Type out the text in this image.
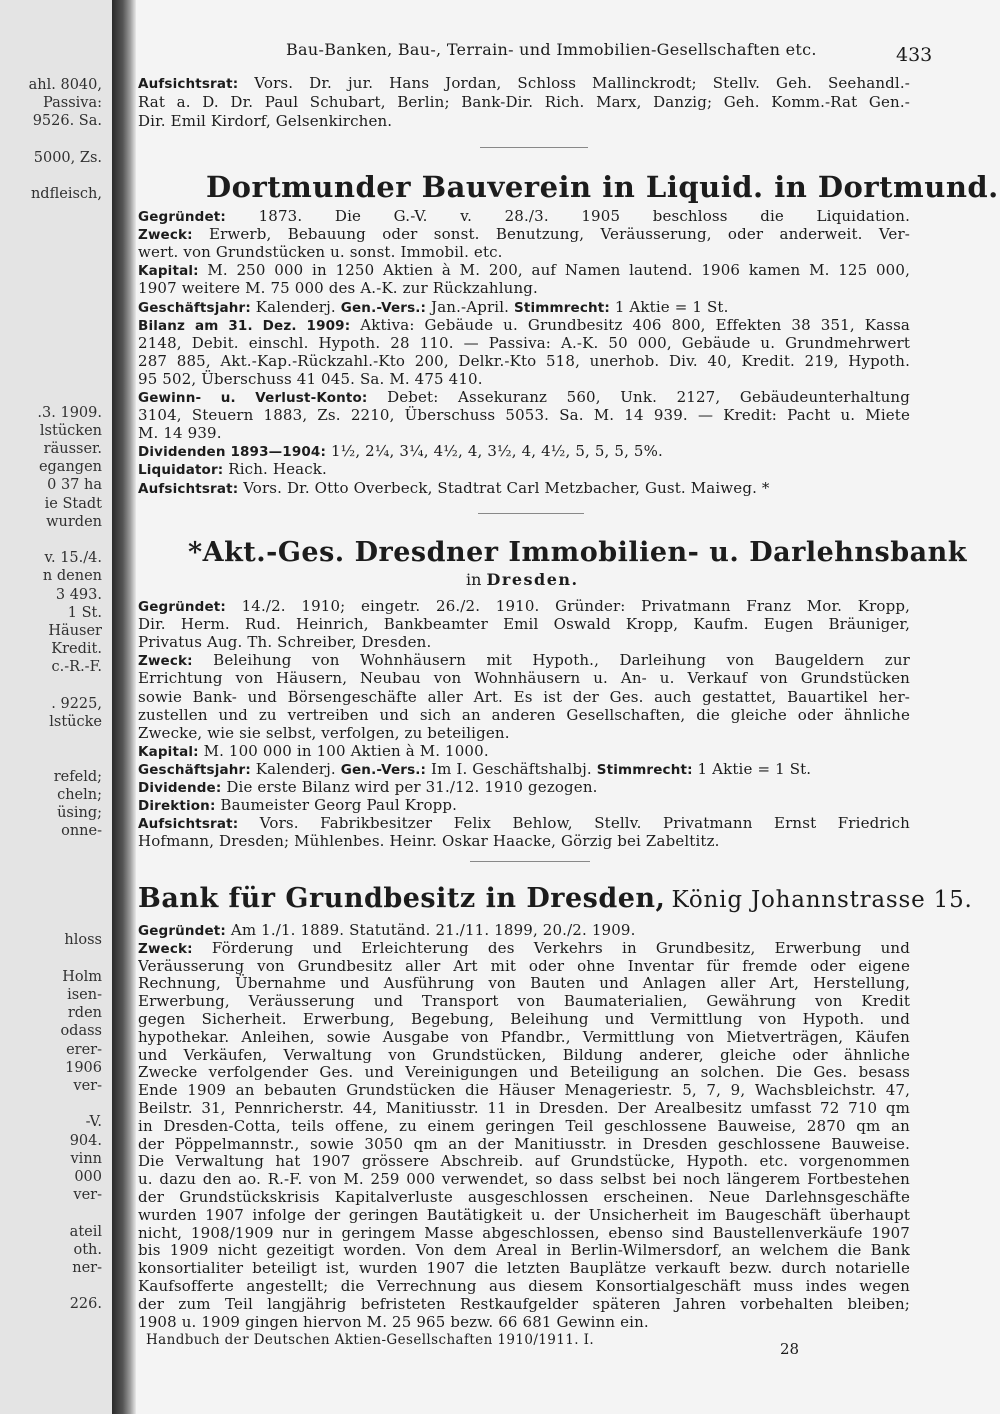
ahl. 8040,
Passiva:
9526. Sa.
5000, Zs.
ndfleisch,
.3. 1909.
lstücken
räusser.
egangen
0 37 ha
ie Stadt
wurden
v. 15./4.
n denen
3 493.
1 St.
Häuser
Kredit.
c.-R.-F.
. 9225,
lstücke
refeld;
cheln;
üsing;
onne-
hloss
Holm
isen-
rden
odass
erer-
1906
ver-
-V.
904.
vinn
000
ver-
ateil
oth.
ner-
226.
Bau-Banken, Bau-, Terrain- und Immobilien-Gesellschaften etc.	433
Aufsichtsrat: Vors. Dr. jur. Hans Jordan, Schloss Mallinckrodt; Stellv. Geh. Seehandl.-
Rat a. D. Dr. Paul Schubart, Berlin; Bank-Dir. Rich. Marx, Danzig; Geh. Komm.-Rat Gen.-
Dir. Emil Kirdorf, Gelsenkirchen.
Dortmunder Bauverein in Liquid. in Dortmund.
Gegründet: 1873. Die G.-V. v. 28./3. 1905 beschloss die Liquidation.
Zweck: Erwerb, Bebauung oder sonst. Benutzung, Veräusserung, oder anderweit. Ver-
wert. von Grundstücken u. sonst. Immobil. etc.
Kapital: M. 250 000 in 1250 Aktien à M. 200, auf Namen lautend. 1906 kamen M. 125 000,
1907 weitere M. 75 000 des A.-K. zur Rückzahlung.
Geschäftsjahr: Kalenderj. Gen.-Vers.: Jan.-April. Stimmrecht: 1 Aktie = 1 St.
Bilanz am 31. Dez. 1909: Aktiva: Gebäude u. Grundbesitz 406 800, Effekten 38 351, Kassa
2148, Debit. einschl. Hypoth. 28 110. — Passiva: A.-K. 50 000, Gebäude u. Grundmehrwert
287 885, Akt.-Kap.-Rückzahl.-Kto 200, Delkr.-Kto 518, unerhob. Div. 40, Kredit. 219, Hypoth.
95 502, Überschuss 41 045. Sa. M. 475 410.
Gewinn- u. Verlust-Konto: Debet: Assekuranz 560, Unk. 2127, Gebäudeunterhaltung
3104, Steuern 1883, Zs. 2210, Überschuss 5053. Sa. M. 14 939. — Kredit: Pacht u. Miete
M. 14 939.
Dividenden 1893—1904: 1½, 2¼, 3¼, 4½, 4, 3½, 4, 4½, 5, 5, 5, 5%.
Liquidator: Rich. Heack.
Aufsichtsrat: Vors. Dr. Otto Overbeck, Stadtrat Carl Metzbacher, Gust. Maiweg. *
*Akt.-Ges. Dresdner Immobilien- u. Darlehnsbank
in Dresden.
Gegründet: 14./2. 1910; eingetr. 26./2. 1910. Gründer: Privatmann Franz Mor. Kropp,
Dir. Herm. Rud. Heinrich, Bankbeamter Emil Oswald Kropp, Kaufm. Eugen Bräuniger,
Privatus Aug. Th. Schreiber, Dresden.
Zweck: Beleihung von Wohnhäusern mit Hypoth., Darleihung von Baugeldern zur
Errichtung von Häusern, Neubau von Wohnhäusern u. An- u. Verkauf von Grundstücken
sowie Bank- und Börsengeschäfte aller Art. Es ist der Ges. auch gestattet, Bauartikel her-
zustellen und zu vertreiben und sich an anderen Gesellschaften, die gleiche oder ähnliche
Zwecke, wie sie selbst, verfolgen, zu beteiligen.
Kapital: M. 100 000 in 100 Aktien à M. 1000.
Geschäftsjahr: Kalenderj. Gen.-Vers.: Im I. Geschäftshalbj. Stimmrecht: 1 Aktie = 1 St.
Dividende: Die erste Bilanz wird per 31./12. 1910 gezogen.
Direktion: Baumeister Georg Paul Kropp.
Aufsichtsrat: Vors. Fabrikbesitzer Felix Behlow, Stellv. Privatmann Ernst Friedrich
Hofmann, Dresden; Mühlenbes. Heinr. Oskar Haacke, Görzig bei Zabeltitz.
Bank für Grundbesitz in Dresden, König Johannstrasse 15.
Gegründet: Am 1./1. 1889. Statutänd. 21./11. 1899, 20./2. 1909.
Zweck: Förderung und Erleichterung des Verkehrs in Grundbesitz, Erwerbung und
Veräusserung von Grundbesitz aller Art mit oder ohne Inventar für fremde oder eigene
Rechnung, Übernahme und Ausführung von Bauten und Anlagen aller Art, Herstellung,
Erwerbung, Veräusserung und Transport von Baumaterialien, Gewährung von Kredit
gegen Sicherheit. Erwerbung, Begebung, Beleihung und Vermittlung von Hypoth. und
hypothekar. Anleihen, sowie Ausgabe von Pfandbr., Vermittlung von Mietverträgen, Käufen
und Verkäufen, Verwaltung von Grundstücken, Bildung anderer, gleiche oder ähnliche
Zwecke verfolgender Ges. und Vereinigungen und Beteiligung an solchen. Die Ges. besass
Ende 1909 an bebauten Grundstücken die Häuser Menageriestr. 5, 7, 9, Wachsbleichstr. 47,
Beilstr. 31, Pennricherstr. 44, Manitiusstr. 11 in Dresden. Der Arealbesitz umfasst 72 710 qm
in Dresden-Cotta, teils offene, zu einem geringen Teil geschlossene Bauweise, 2870 qm an
der Pöppelmannstr., sowie 3050 qm an der Manitiusstr. in Dresden geschlossene Bauweise.
Die Verwaltung hat 1907 grössere Abschreib. auf Grundstücke, Hypoth. etc. vorgenommen
u. dazu den ao. R.-F. von M. 259 000 verwendet, so dass selbst bei noch längerem Fortbestehen
der Grundstückskrisis Kapitalverluste ausgeschlossen erscheinen. Neue Darlehnsgeschäfte
wurden 1907 infolge der geringen Bautätigkeit u. der Unsicherheit im Baugeschäft überhaupt
nicht, 1908/1909 nur in geringem Masse abgeschlossen, ebenso sind Baustellenverkäufe 1907
bis 1909 nicht gezeitigt worden. Von dem Areal in Berlin-Wilmersdorf, an welchem die Bank
konsortialiter beteiligt ist, wurden 1907 die letzten Bauplätze verkauft bezw. durch notarielle
Kaufsofferte angestellt; die Verrechnung aus diesem Konsortialgeschäft muss indes wegen
der zum Teil langjährig befristeten Restkaufgelder späteren Jahren vorbehalten bleiben;
1908 u. 1909 gingen hiervon M. 25 965 bezw. 66 681 Gewinn ein.
Handbuch der Deutschen Aktien-Gesellschaften 1910/1911. I.	28
